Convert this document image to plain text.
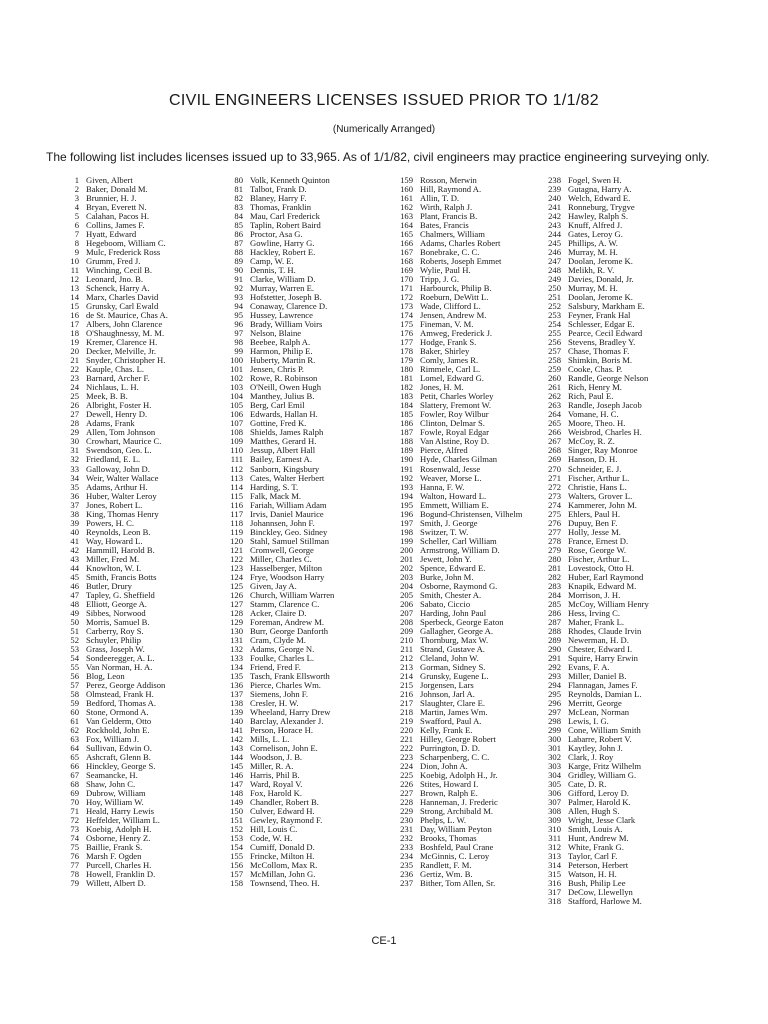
CIVIL ENGINEERS LICENSES ISSUED PRIOR TO 1/1/82
(Numerically Arranged)
The following list includes licenses issued up to 33,965. As of 1/1/82, civil engineers may practice engineering surveying only.
1 Given, Albert
2 Baker, Donald M.
3 Brunnier, H. J.
4 Bryan, Everett N.
5 Calahan, Pacos H.
6 Collins, James F.
7 Hyatt, Edward
8 Hegeboom, William C.
9 Mulc, Frederick Ross
10 Grumm, Fred J.
11 Winching, Cecil B.
12 Leonard, Jno. B.
13 Schenck, Harry A.
14 Marx, Charles David
15 Grunsky, Carl Ewald
16 de St. Maurice, Chas A.
17 Albers, John Clarence
18 O'Shaughnessy, M. M.
19 Kremer, Clarence H.
20 Decker, Melville, Jr.
21 Snyder, Christopher H.
22 Kauple, Chas. L.
23 Barnard, Archer F.
24 Nichlaus, L. H.
25 Meek, B. B.
26 Albright, Foster H.
27 Dewell, Henry D.
28 Adams, Frank
29 Allen, Tom Johnson
30 Crowhart, Maurice C.
31 Swendson, Geo. L.
32 Friedland, E. L.
33 Galloway, John D.
34 Weir, Walter Wallace
35 Adams, Arthur H.
36 Huber, Walter Leroy
37 Jones, Robert L.
38 King, Thomas Henry
39 Powers, H. C.
40 Reynolds, Leon B.
41 Way, Howard L.
42 Hammill, Harold B.
43 Miller, Fred M.
44 Knowlton, W. I.
45 Smith, Francis Botts
46 Butler, Drury
47 Tapley, G. Sheffield
48 Elliott, George A.
49 Sibbes, Norwood
50 Morris, Samuel B.
51 Carberry, Roy S.
52 Schuyler, Philip
53 Grass, Joseph W.
54 Sondeeregger, A. L.
55 Van Norman, H. A.
56 Blog, Leon
57 Perez, George Addison
58 Olmstead, Frank H.
59 Bedford, Thomas A.
60 Stone, Ormond A.
61 Van Gelderm, Otto
62 Rockhold, John E.
63 Fox, William J.
64 Sullivan, Edwin O.
65 Ashcraft, Glenn B.
66 Hinckley, George S.
67 Seamancke, H.
68 Shaw, John C.
69 Dubrow, William
70 Hoy, William W.
71 Heald, Harry Lewis
72 Heffelder, William L.
73 Koebig, Adolph H.
74 Osborne, Henry Z.
75 Baillie, Frank S.
76 Marsh F. Ogden
77 Purcell, Charles H.
78 Howell, Franklin D.
79 Willett, Albert D.
80 Volk, Kenneth Quinton
81 Talbot, Frank D.
82 Blaney, Harry F.
83 Thomas, Franklin
84 Mau, Carl Frederick
85 Taplin, Robert Baird
86 Proctor, Asa G.
87 Gowline, Harry G.
88 Hackley, Robert E.
89 Camp, W. E.
90 Dennis, T. H.
91 Clarke, William D.
92 Murray, Warren E.
93 Hofstetter, Joseph B.
94 Conaway, Clarence D.
95 Hussey, Lawrence
96 Brady, William Voirs
97 Nelson, Blaine
98 Beebee, Ralph A.
99 Harmon, Philip E.
100 Huberty, Martin R.
101 Jensen, Chris P.
102 Rowe, R. Robinson
103 O'Neill, Owen Hugh
104 Manthey, Julius B.
105 Berg, Carl Emil
106 Edwards, Hallan H.
107 Gottine, Fred K.
108 Shields, James Ralph
109 Matthes, Gerard H.
110 Jessup, Albert Hall
111 Bailey, Earnest A.
112 Sanborn, Kingsbury
113 Cates, Walter Herbert
114 Harding, S. T.
115 Falk, Mack M.
116 Fariah, William Adam
117 Irvis, Daniel Maurice
118 Johannsen, John F.
119 Binckley, Geo. Sidney
120 Stahl, Samuel Stillman
121 Cromwell, George
122 Miller, Charles C.
123 Hasselberger, Milton
124 Frye, Woodson Harry
125 Given, Jay A.
126 Church, William Warren
127 Stamm, Clarence C.
128 Acker, Claire D.
129 Foreman, Andrew M.
130 Burr, George Danforth
131 Cram, Clyde M.
132 Adams, George N.
133 Foulke, Charles L.
134 Friend, Fred F.
135 Tasch, Frank Ellsworth
136 Pierce, Charles Wm.
137 Siemens, John F.
138 Cresler, H. W.
139 Wheeland, Harry Drew
140 Barclay, Alexander J.
141 Person, Horace H.
142 Mills, L. L.
143 Cornelison, John E.
144 Woodson, J. B.
145 Miller, R. A.
146 Harris, Phil B.
147 Ward, Royal V.
148 Fox, Harold K.
149 Chandler, Robert B.
150 Culver, Edward H.
151 Gewley, Raymond F.
152 Hill, Louis C.
153 Code, W. H.
154 Cumiff, Donald D.
155 Frincke, Milton H.
156 McCollom, Max R.
157 McMillan, John G.
158 Townsend, Theo. H.
159 Rosson, Merwin
160 Hill, Raymond A.
161 Allin, T. D.
162 Wirth, Ralph J.
163 Plant, Francis B.
164 Bates, Francis
165 Chalmers, William
166 Adams, Charles Robert
167 Bonebrake, C. C.
168 Roberts, Joseph Emmet
169 Wylie, Paul H.
170 Tripp, J. G.
171 Harbourck, Philip B.
172 Roeburn, DeWitt L.
173 Wade, Clifford L.
174 Jensen, Andrew M.
175 Fineman, V. M.
176 Amweg, Frederick J.
177 Hodge, Frank S.
178 Baker, Shirley
179 Comly, James R.
180 Rimmele, Carl L.
181 Lomel, Edward G.
182 Jones, H. M.
183 Petit, Charles Worley
184 Slattery, Fremont W.
185 Fowler, Roy Wilbur
186 Clinton, Delmar S.
187 Fowle, Royal Edgar
188 Van Alstine, Roy D.
189 Pierce, Alfred
190 Hyde, Charles Gilman
191 Rosenwald, Jesse
192 Weaver, Morse L.
193 Hanna, F. W.
194 Walton, Howard L.
195 Emmett, William E.
196 Bogund-Christensen, Vilhelm
197 Smith, J. George
198 Switzer, T. W.
199 Scheller, Carl William
200 Armstrong, William D.
201 Jewett, John Y.
202 Spence, Edward E.
203 Burke, John M.
204 Osborne, Raymond G.
205 Smith, Chester A.
206 Sabato, Ciccio
207 Harding, John Paul
208 Sperbeck, George Eaton
209 Gallagher, George A.
210 Thornburg, Max W.
211 Strand, Gustave A.
212 Cleland, John W.
213 Gorman, Sidney S.
214 Grunsky, Eugene L.
215 Jorgensen, Lars
216 Johnson, Jarl A.
217 Slaughter, Clare E.
218 Martin, James Wm.
219 Swafford, Paul A.
220 Kelly, Frank E.
221 Hilley, George Robert
222 Purrington, D. D.
223 Scharpenberg, C. C.
224 Dion, John A.
225 Koebig, Adolph H., Jr.
226 Stites, Howard I.
227 Brown, Ralph E.
228 Hanneman, J. Frederic
229 Strong, Archibald M.
230 Phelps, L. W.
231 Day, William Peyton
232 Brooks, Thomas
233 Boshfeld, Paul Crane
234 McGinnis, C. Leroy
235 Randlett, F. M.
236 Gertiz, Wm. B.
237 Bither, Tom Allen, Sr.
238 Fogel, Swen H.
239 Gutagna, Harry A.
240 Welch, Edward E.
241 Ronneburg, Trygve
242 Hawley, Ralph S.
243 Knuff, Alfred J.
244 Gates, Leroy G.
245 Phillips, A. W.
246 Murray, M. H.
247 Doolan, Jerome K.
248 Melikh, R. V.
249 Davies, Donald, Jr.
250 Murray, M. H.
251 Doolan, Jerome K.
252 Salsbury, Markham E.
253 Feyner, Frank Hal
254 Schlesser, Edgar E.
255 Pearce, Cecil Edward
256 Stevens, Bradley Y.
257 Chase, Thomas F.
258 Shimkin, Boris M.
259 Cooke, Chas. P.
260 Randle, George Nelson
261 Rich, Henry M.
262 Rich, Paul E.
263 Randle, Joseph Jacob
264 Vomane, H. C.
265 Moore, Theo. H.
266 Weisbrod, Charles H.
267 McCoy, R. Z.
268 Singer, Ray Monroe
269 Hanson, D. H.
270 Schneider, E. J.
271 Fischer, Arthur L.
272 Christie, Hans L.
273 Walters, Grover L.
274 Kammerer, John M.
275 Ehlers, Paul H.
276 Dupuy, Ben F.
277 Holly, Jesse M.
278 France, Ernest D.
279 Rose, George W.
280 Fischer, Arthur L.
281 Lovestock, Otto H.
282 Huber, Earl Raymond
283 Knapik, Edward M.
284 Morrison, J. H.
285 McCoy, William Henry
286 Hess, Irving C.
287 Maher, Frank L.
288 Rhodes, Claude Irvin
289 Newerman, H. D.
290 Chester, Edward I.
291 Squire, Harry Erwin
292 Evans, F. A.
293 Miller, Daniel B.
294 Flannagan, James F.
295 Reynolds, Damian L.
296 Merritt, George
297 McLean, Norman
298 Lewis, I. G.
299 Cone, William Smith
300 Labarre, Robert V.
301 Kaytley, John J.
302 Clark, J. Roy
303 Karge, Fritz Wilhelm
304 Gridley, William G.
305 Cate, D. R.
306 Gifford, Leroy D.
307 Palmer, Harold K.
308 Allen, Hugh S.
309 Wright, Jesse Clark
310 Smith, Louis A.
311 Hunt, Andrew M.
312 White, Frank G.
313 Taylor, Carl F.
314 Peterson, Herbert
315 Watson, H. H.
316 Bush, Philip Lee
317 DeCow, Llewellyn
318 Stafford, Harlowe M.
CE-1
